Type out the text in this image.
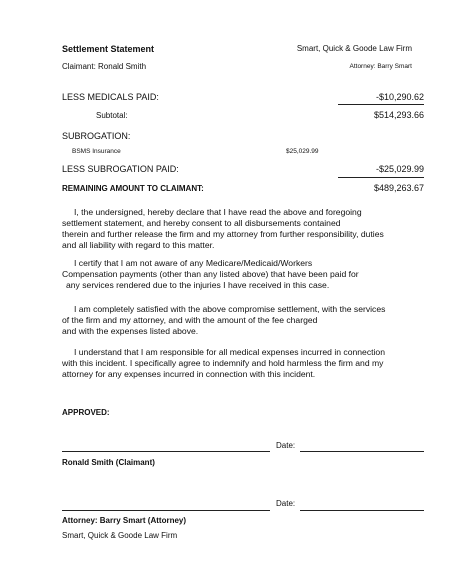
Settlement Statement	Smart, Quick & Goode Law Firm
Claimant: Ronald Smith	Attorney: Barry Smart
LESS MEDICALS PAID:	-$10,290.62
Subtotal:	$514,293.66
SUBROGATION:
BSMS Insurance	$25,029.99
LESS SUBROGATION PAID:	-$25,029.99
REMAINING AMOUNT TO CLAIMANT:	$489,263.67
I, the undersigned, hereby declare that I have read the above and foregoing
settlement statement, and hereby consent to all disbursements contained
therein and further release the firm and my attorney from further responsibility, duties
and all liability with regard to this matter.
I certify that I am not aware of any Medicare/Medicaid/Workers
Compensation payments (other than any listed above) that have been paid for
any services rendered due to the injuries I have received in this case.
I am completely satisfied with the above compromise settlement, with the services
of the firm and my attorney, and with the amount of the fee charged
and with the expenses listed above.
I understand that I am responsible for all medical expenses incurred in connection
with this incident. I specifically agree to indemnify and hold harmless the firm and my
attorney for any expenses incurred in connection with this incident.
APPROVED:
Date:
Ronald Smith (Claimant)
Date:
Attorney: Barry Smart (Attorney)
Smart, Quick & Goode Law Firm
